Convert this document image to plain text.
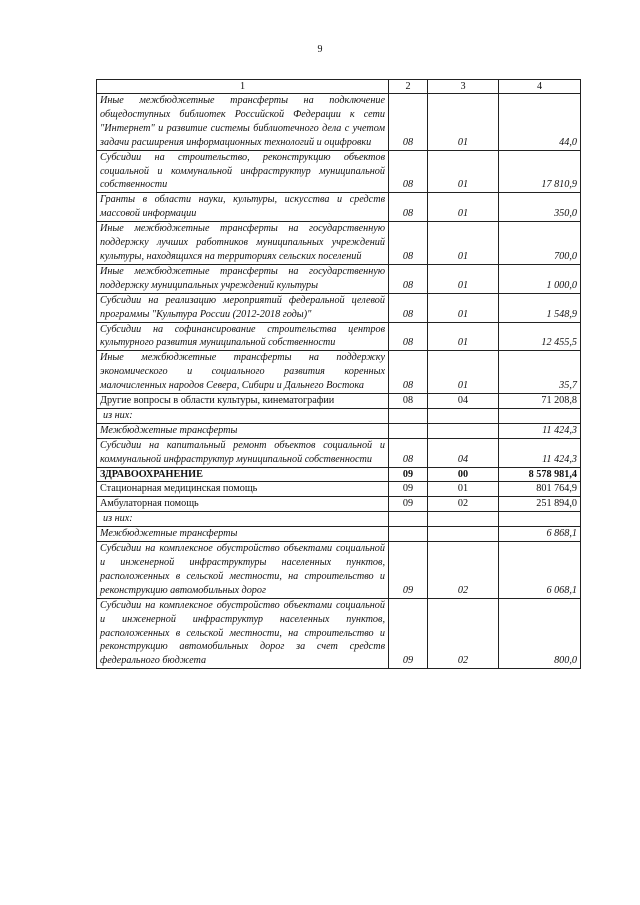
9
1	2	3	4
Иные межбюджетные трансферты на подключение общедоступных библиотек Российской Федерации к сети "Интернет" и развитие системы библиотечного дела с учетом задачи расширения информационных технологий и оцифровки	08	01	44,0
Субсидии на строительство, реконструкцию объектов социальной и коммунальной инфраструктур муниципальной собственности	08	01	17 810,9
Гранты в области науки, культуры, искусства и средств массовой информации	08	01	350,0
Иные межбюджетные трансферты на государственную поддержку лучших работников муниципальных учреждений культуры, находящихся на территориях сельских поселений	08	01	700,0
Иные межбюджетные трансферты на государственную поддержку муниципальных учреждений культуры	08	01	1 000,0
Субсидии на реализацию мероприятий федеральной целевой программы "Культура России (2012-2018 годы)"	08	01	1 548,9
Субсидии на софинансирование строительства центров культурного развития муниципальной собственности	08	01	12 455,5
Иные межбюджетные трансферты на поддержку экономического и социального развития коренных малочисленных народов Севера, Сибири и Дальнего Востока	08	01	35,7
Другие вопросы в области культуры, кинематографии	08	04	71 208,8
из них:			
Межбюджетные трансферты			11 424,3
Субсидии на капитальный ремонт объектов социальной и коммунальной инфраструктур муниципальной собственности	08	04	11 424,3
ЗДРАВООХРАНЕНИЕ	09	00	8 578 981,4
Стационарная медицинская помощь	09	01	801 764,9
Амбулаторная помощь	09	02	251 894,0
из них:			
Межбюджетные трансферты			6 868,1
Субсидии на комплексное обустройство объектами социальной и инженерной инфраструктуры населенных пунктов, расположенных в сельской местности, на строительство и реконструкцию автомобильных дорог	09	02	6 068,1
Субсидии на комплексное обустройство объектами социальной и инженерной инфраструктур населенных пунктов, расположенных в сельской местности, на строительство и реконструкцию автомобильных дорог за счет средств федерального бюджета	09	02	800,0
